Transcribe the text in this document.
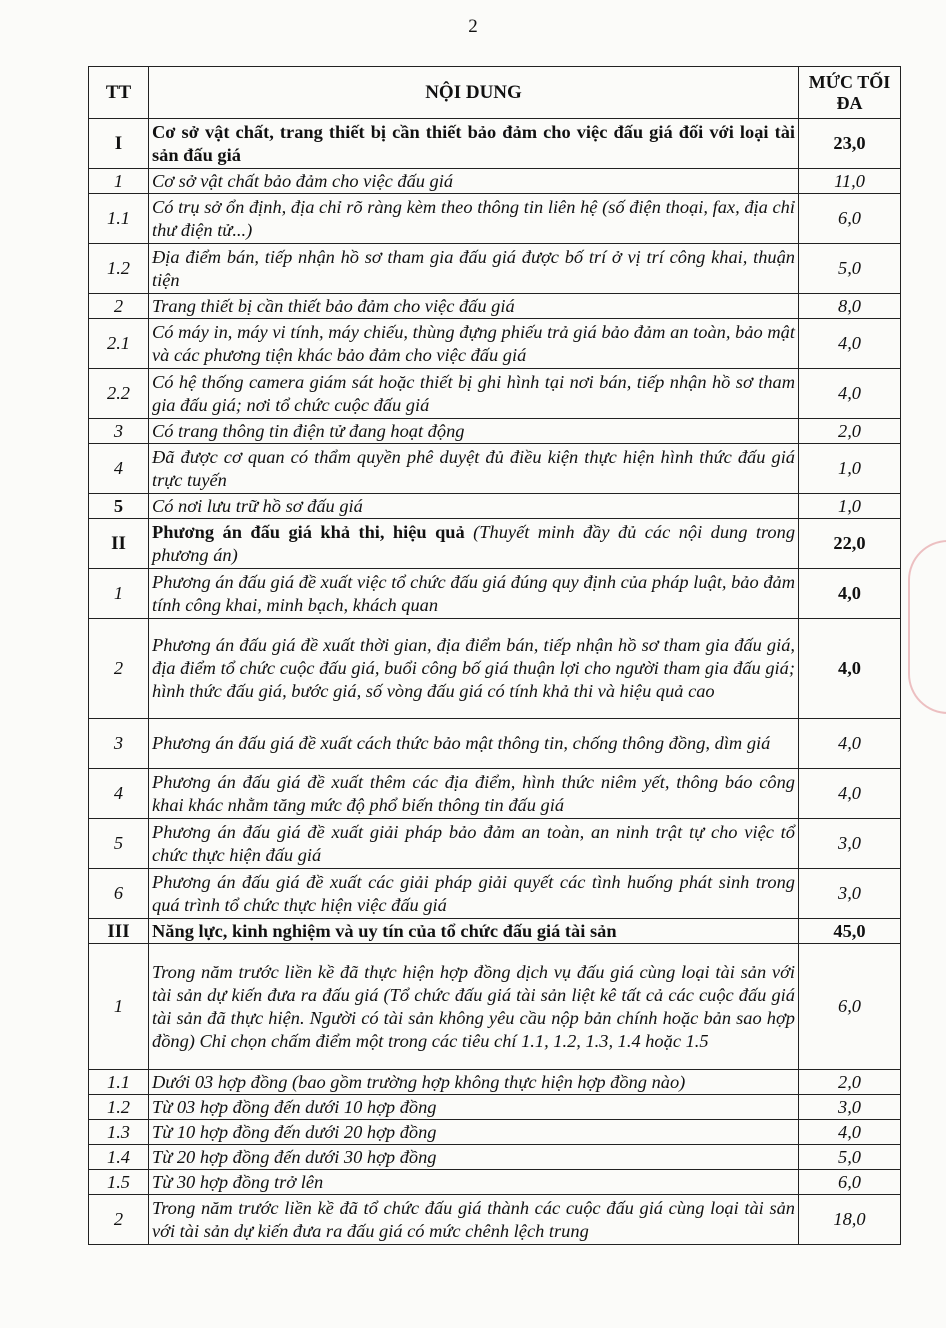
2
TT	NỘI DUNG	MỨC TỐI ĐA
I	Cơ sở vật chất, trang thiết bị cần thiết bảo đảm cho việc đấu giá đối với loại tài sản đấu giá	23,0
1	Cơ sở vật chất bảo đảm cho việc đấu giá	11,0
1.1	Có trụ sở ổn định, địa chỉ rõ ràng kèm theo thông tin liên hệ (số điện thoại, fax, địa chỉ thư điện tử...)	6,0
1.2	Địa điểm bán, tiếp nhận hồ sơ tham gia đấu giá được bố trí ở vị trí công khai, thuận tiện	5,0
2	Trang thiết bị cần thiết bảo đảm cho việc đấu giá	8,0
2.1	Có máy in, máy vi tính, máy chiếu, thùng đựng phiếu trả giá bảo đảm an toàn, bảo mật và các phương tiện khác bảo đảm cho việc đấu giá	4,0
2.2	Có hệ thống camera giám sát hoặc thiết bị ghi hình tại nơi bán, tiếp nhận hồ sơ tham gia đấu giá; nơi tổ chức cuộc đấu giá	4,0
3	Có trang thông tin điện tử đang hoạt động	2,0
4	Đã được cơ quan có thẩm quyền phê duyệt đủ điều kiện thực hiện hình thức đấu giá trực tuyến	1,0
5	Có nơi lưu trữ hồ sơ đấu giá	1,0
II	Phương án đấu giá khả thi, hiệu quả (Thuyết minh đầy đủ các nội dung trong phương án)	22,0
1	Phương án đấu giá đề xuất việc tổ chức đấu giá đúng quy định của pháp luật, bảo đảm tính công khai, minh bạch, khách quan	4,0
2	Phương án đấu giá đề xuất thời gian, địa điểm bán, tiếp nhận hồ sơ tham gia đấu giá, địa điểm tổ chức cuộc đấu giá, buổi công bố giá thuận lợi cho người tham gia đấu giá; hình thức đấu giá, bước giá, số vòng đấu giá có tính khả thi và hiệu quả cao	4,0
3	Phương án đấu giá đề xuất cách thức bảo mật thông tin, chống thông đồng, dìm giá	4,0
4	Phương án đấu giá đề xuất thêm các địa điểm, hình thức niêm yết, thông báo công khai khác nhằm tăng mức độ phổ biến thông tin đấu giá	4,0
5	Phương án đấu giá đề xuất giải pháp bảo đảm an toàn, an ninh trật tự cho việc tổ chức thực hiện đấu giá	3,0
6	Phương án đấu giá đề xuất các giải pháp giải quyết các tình huống phát sinh trong quá trình tổ chức thực hiện việc đấu giá	3,0
III	Năng lực, kinh nghiệm và uy tín của tổ chức đấu giá tài sản	45,0
1	Trong năm trước liền kề đã thực hiện hợp đồng dịch vụ đấu giá cùng loại tài sản với tài sản dự kiến đưa ra đấu giá (Tổ chức đấu giá tài sản liệt kê tất cả các cuộc đấu giá tài sản đã thực hiện. Người có tài sản không yêu cầu nộp bản chính hoặc bản sao hợp đồng) Chỉ chọn chấm điểm một trong các tiêu chí 1.1, 1.2, 1.3, 1.4 hoặc 1.5	6,0
1.1	Dưới 03 hợp đồng (bao gồm trường hợp không thực hiện hợp đồng nào)	2,0
1.2	Từ 03 hợp đồng đến dưới 10 hợp đồng	3,0
1.3	Từ 10 hợp đồng đến dưới 20 hợp đồng	4,0
1.4	Từ 20 hợp đồng đến dưới 30 hợp đồng	5,0
1.5	Từ 30 hợp đồng trở lên	6,0
2	Trong năm trước liền kề đã tổ chức đấu giá thành các cuộc đấu giá cùng loại tài sản với tài sản dự kiến đưa ra đấu giá có mức chênh lệch trung	18,0
